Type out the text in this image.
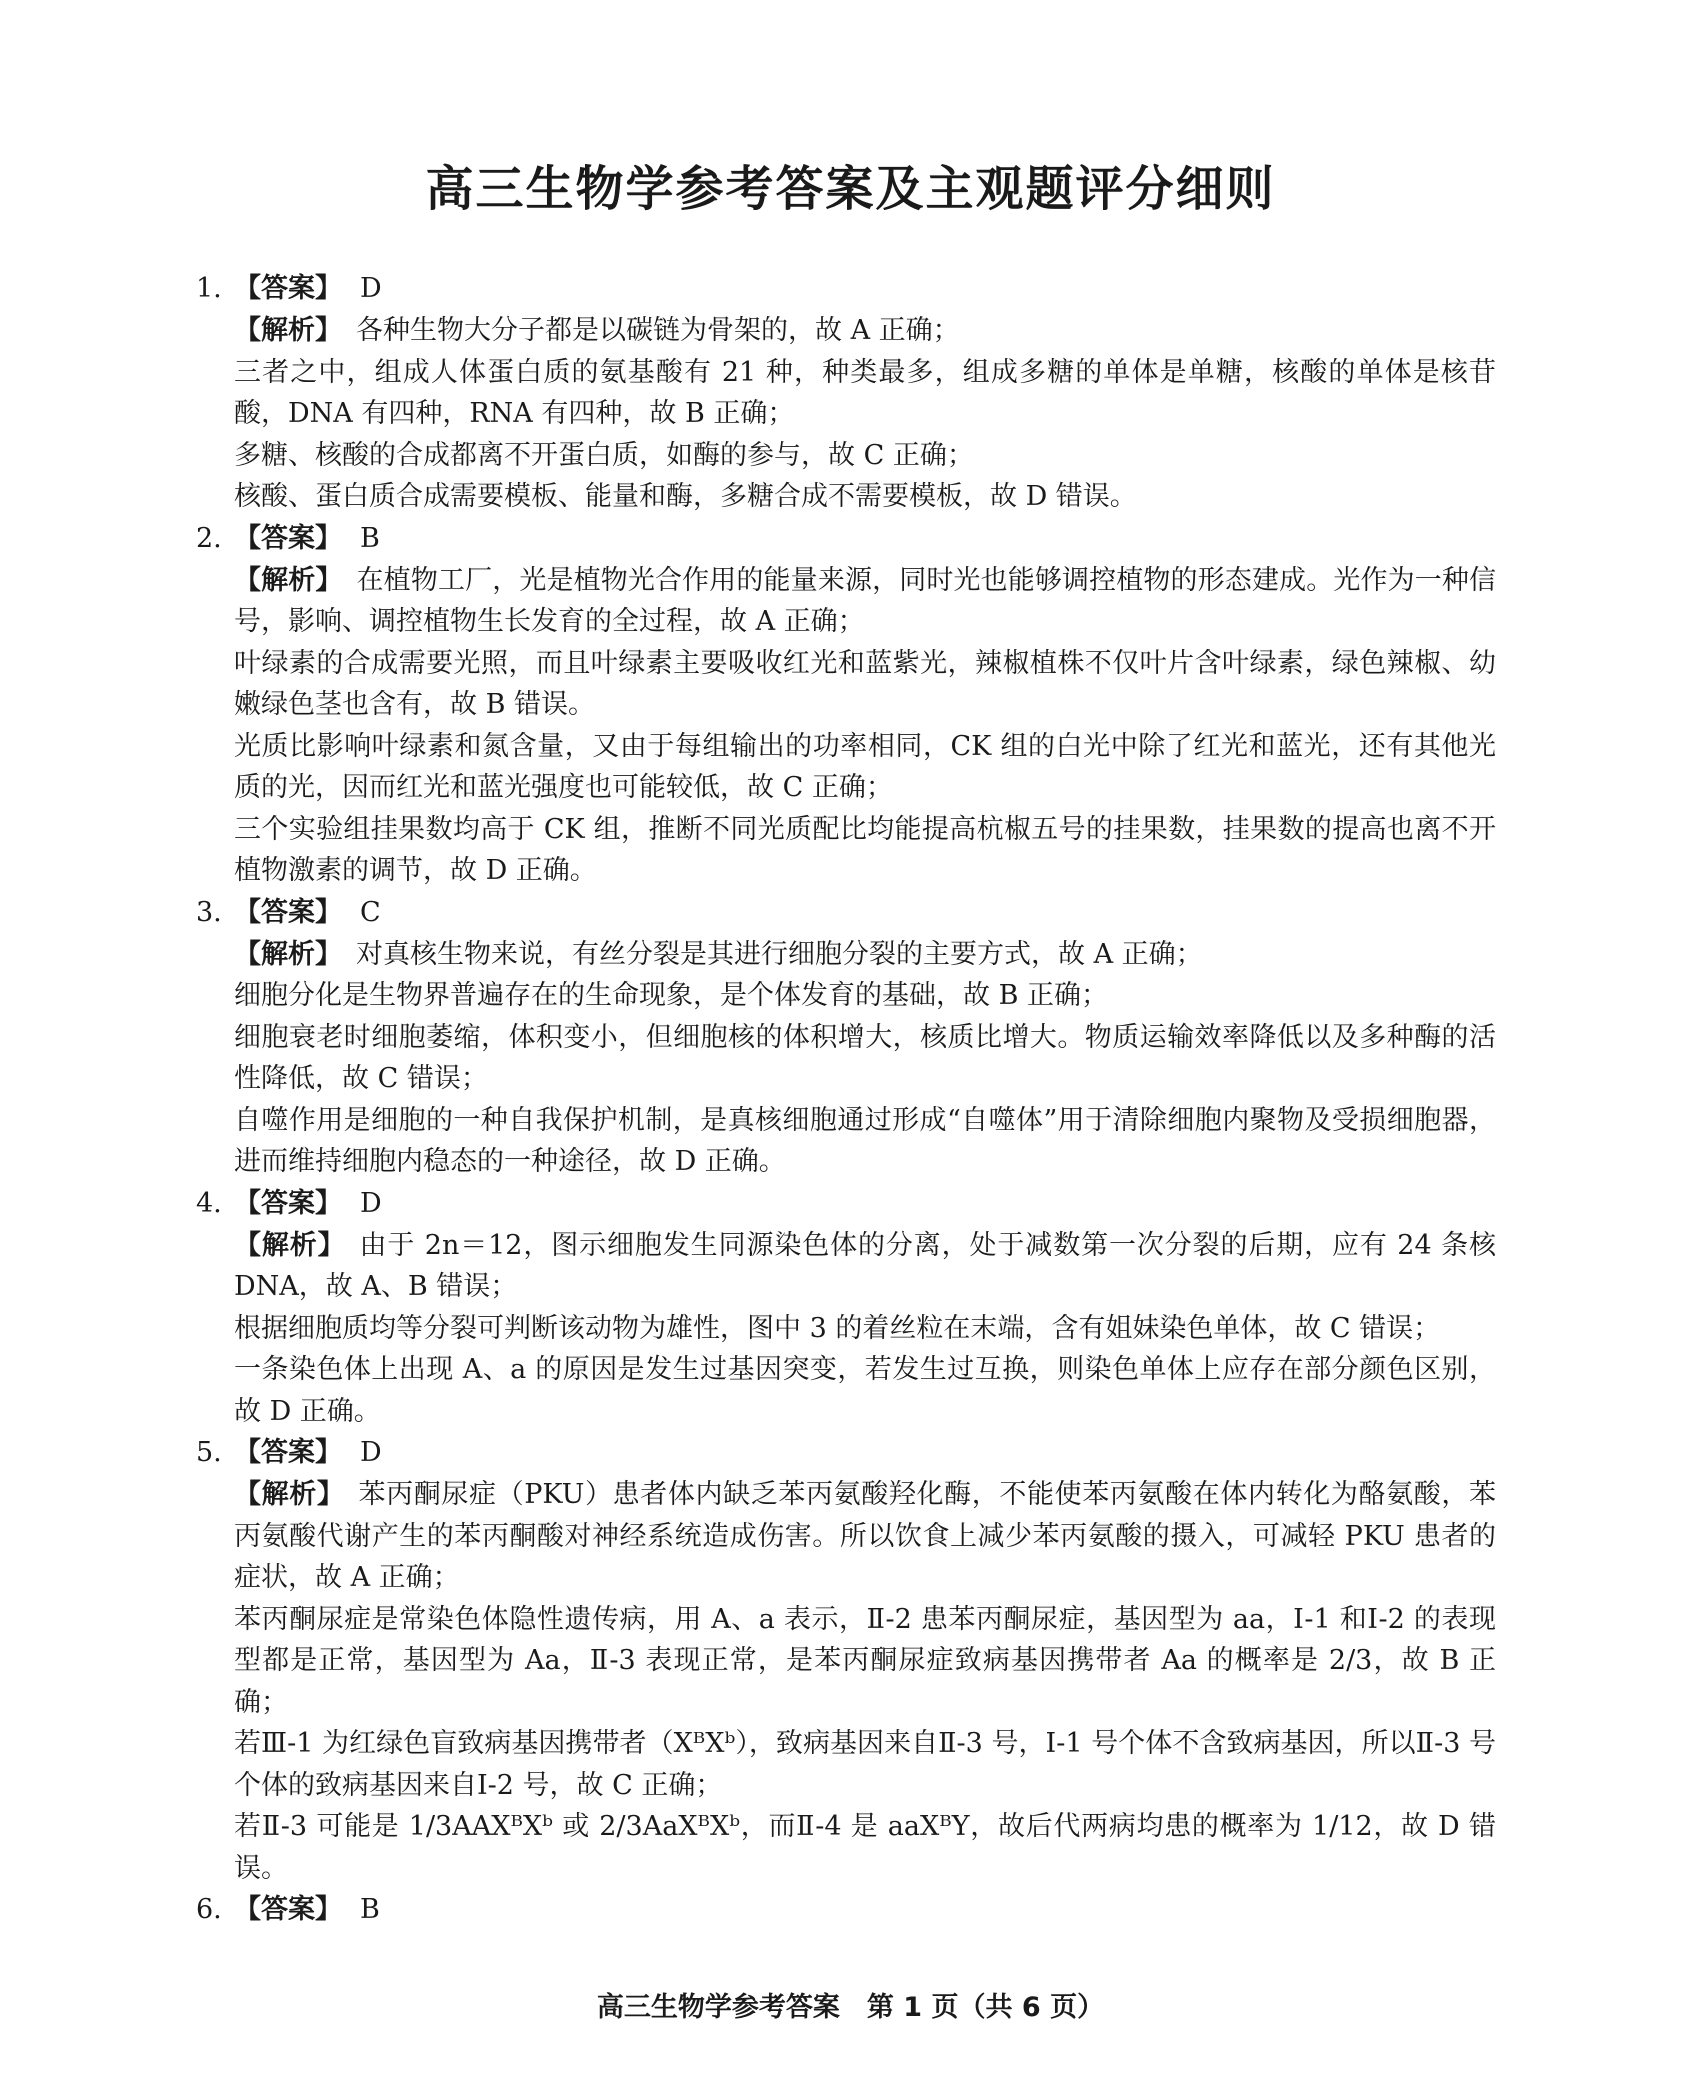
高三生物学参考答案及主观题评分细则
1. 【答案】 D

【解析】 各种生物大分子都是以碳链为骨架的，故 A 正确；

三者之中，组成人体蛋白质的氨基酸有 21 种，种类最多，组成多糖的单体是单糖，核酸的单体是核苷酸，DNA 有四种，RNA 有四种，故 B 正确；

多糖、核酸的合成都离不开蛋白质，如酶的参与，故 C 正确；

核酸、蛋白质合成需要模板、能量和酶，多糖合成不需要模板，故 D 错误。

2. 【答案】 B

【解析】 在植物工厂，光是植物光合作用的能量来源，同时光也能够调控植物的形态建成。光作为一种信号，影响、调控植物生长发育的全过程，故 A 正确；

叶绿素的合成需要光照，而且叶绿素主要吸收红光和蓝紫光，辣椒植株不仅叶片含叶绿素，绿色辣椒、幼嫩绿色茎也含有，故 B 错误。

光质比影响叶绿素和氮含量，又由于每组输出的功率相同，CK 组的白光中除了红光和蓝光，还有其他光质的光，因而红光和蓝光强度也可能较低，故 C 正确；

三个实验组挂果数均高于 CK 组，推断不同光质配比均能提高杭椒五号的挂果数，挂果数的提高也离不开植物激素的调节，故 D 正确。

3. 【答案】 C

【解析】 对真核生物来说，有丝分裂是其进行细胞分裂的主要方式，故 A 正确；

细胞分化是生物界普遍存在的生命现象，是个体发育的基础，故 B 正确；

细胞衰老时细胞萎缩，体积变小，但细胞核的体积增大，核质比增大。物质运输效率降低以及多种酶的活性降低，故 C 错误；

自噬作用是细胞的一种自我保护机制，是真核细胞通过形成“自噬体”用于清除细胞内聚物及受损细胞器，进而维持细胞内稳态的一种途径，故 D 正确。

4. 【答案】 D

【解析】 由于 2n＝12，图示细胞发生同源染色体的分离，处于减数第一次分裂的后期，应有 24 条核 DNA，故 A、B 错误；

根据细胞质均等分裂可判断该动物为雄性，图中 3 的着丝粒在末端，含有姐妹染色单体，故 C 错误；

一条染色体上出现 A、a 的原因是发生过基因突变，若发生过互换，则染色单体上应存在部分颜色区别，故 D 正确。

5. 【答案】 D

【解析】 苯丙酮尿症（PKU）患者体内缺乏苯丙氨酸羟化酶，不能使苯丙氨酸在体内转化为酪氨酸，苯丙氨酸代谢产生的苯丙酮酸对神经系统造成伤害。所以饮食上减少苯丙氨酸的摄入，可减轻 PKU 患者的症状，故 A 正确；

苯丙酮尿症是常染色体隐性遗传病，用 A、a 表示，Ⅱ-2 患苯丙酮尿症，基因型为 aa，Ⅰ-1 和Ⅰ-2 的表现型都是正常，基因型为 Aa，Ⅱ-3 表现正常，是苯丙酮尿症致病基因携带者 Aa 的概率是 2/3，故 B 正确；

若Ⅲ-1 为红绿色盲致病基因携带者（XᴮXᵇ），致病基因来自Ⅱ-3 号，Ⅰ-1 号个体不含致病基因，所以Ⅱ-3 号个体的致病基因来自Ⅰ-2 号，故 C 正确；

若Ⅱ-3 可能是 1/3AAXᴮXᵇ 或 2/3AaXᴮXᵇ，而Ⅱ-4 是 aaXᴮY，故后代两病均患的概率为 1/12，故 D 错误。

6. 【答案】 B
高三生物学参考答案　第 1 页（共 6 页）
